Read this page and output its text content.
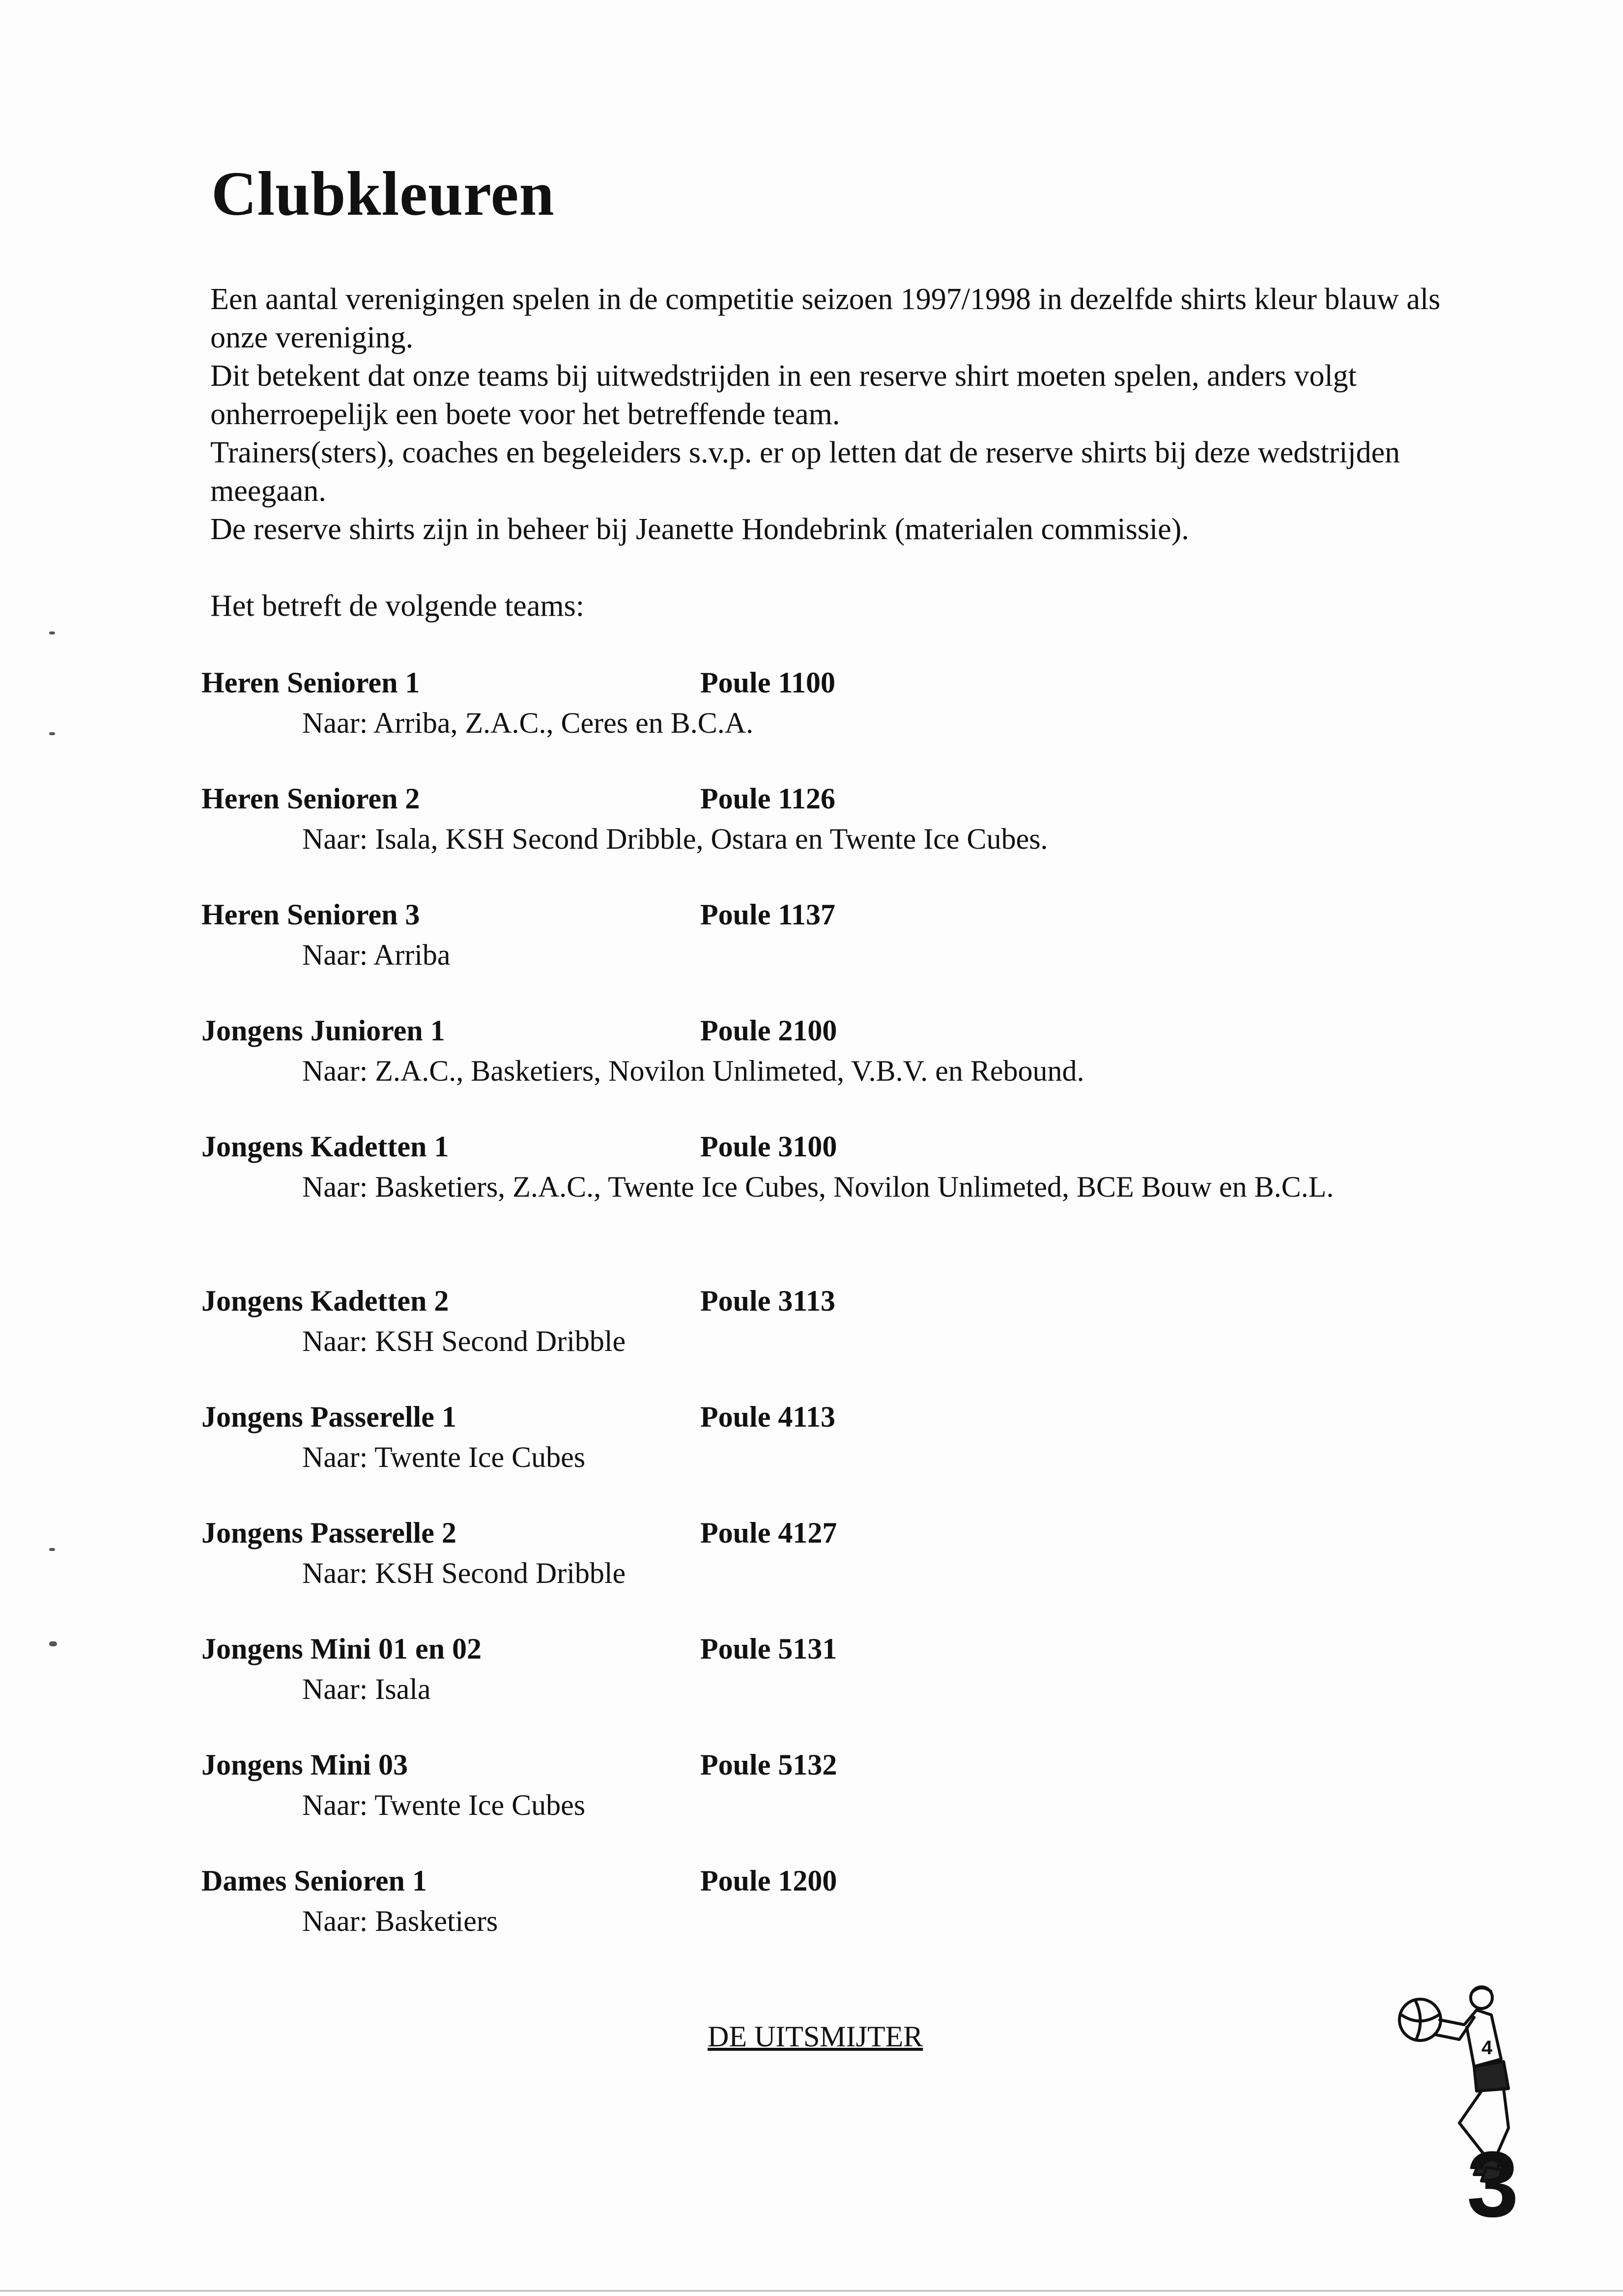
Clubkleuren

Een aantal verenigingen spelen in de competitie seizoen 1997/1998 in dezelfde shirts kleur blauw als onze vereniging.

Dit betekent dat onze teams bij uitwedstrijden in een reserve shirt moeten spelen, anders volgt onherroepelijk een boete voor het betreffende team.

Trainers(sters), coaches en begeleiders s.v.p. er op letten dat de reserve shirts bij deze wedstrijden meegaan.

De reserve shirts zijn in beheer bij Jeanette Hondebrink (materialen commissie).

Het betreft de volgende teams:

Heren Senioren 1	Poule 1100
Naar: Arriba, Z.A.C., Ceres en B.C.A.
Heren Senioren 2	Poule 1126
Naar: Isala, KSH Second Dribble, Ostara en Twente Ice Cubes.
Heren Senioren 3	Poule 1137
Naar: Arriba
Jongens Junioren 1	Poule 2100
Naar: Z.A.C., Basketiers, Novilon Unlimeted, V.B.V. en Rebound.
Jongens Kadetten 1	Poule 3100
Naar: Basketiers, Z.A.C., Twente Ice Cubes, Novilon Unlimeted, BCE Bouw en B.C.L.
Jongens Kadetten 2	Poule 3113
Naar: KSH Second Dribble
Jongens Passerelle 1	Poule 4113
Naar: Twente Ice Cubes
Jongens Passerelle 2	Poule 4127
Naar: KSH Second Dribble
Jongens Mini 01 en 02	Poule 5131
Naar: Isala
Jongens Mini 03	Poule 5132
Naar: Twente Ice Cubes
Dames Senioren 1	Poule 1200
Naar: Basketiers
DE UITSMIJTER	4
3
